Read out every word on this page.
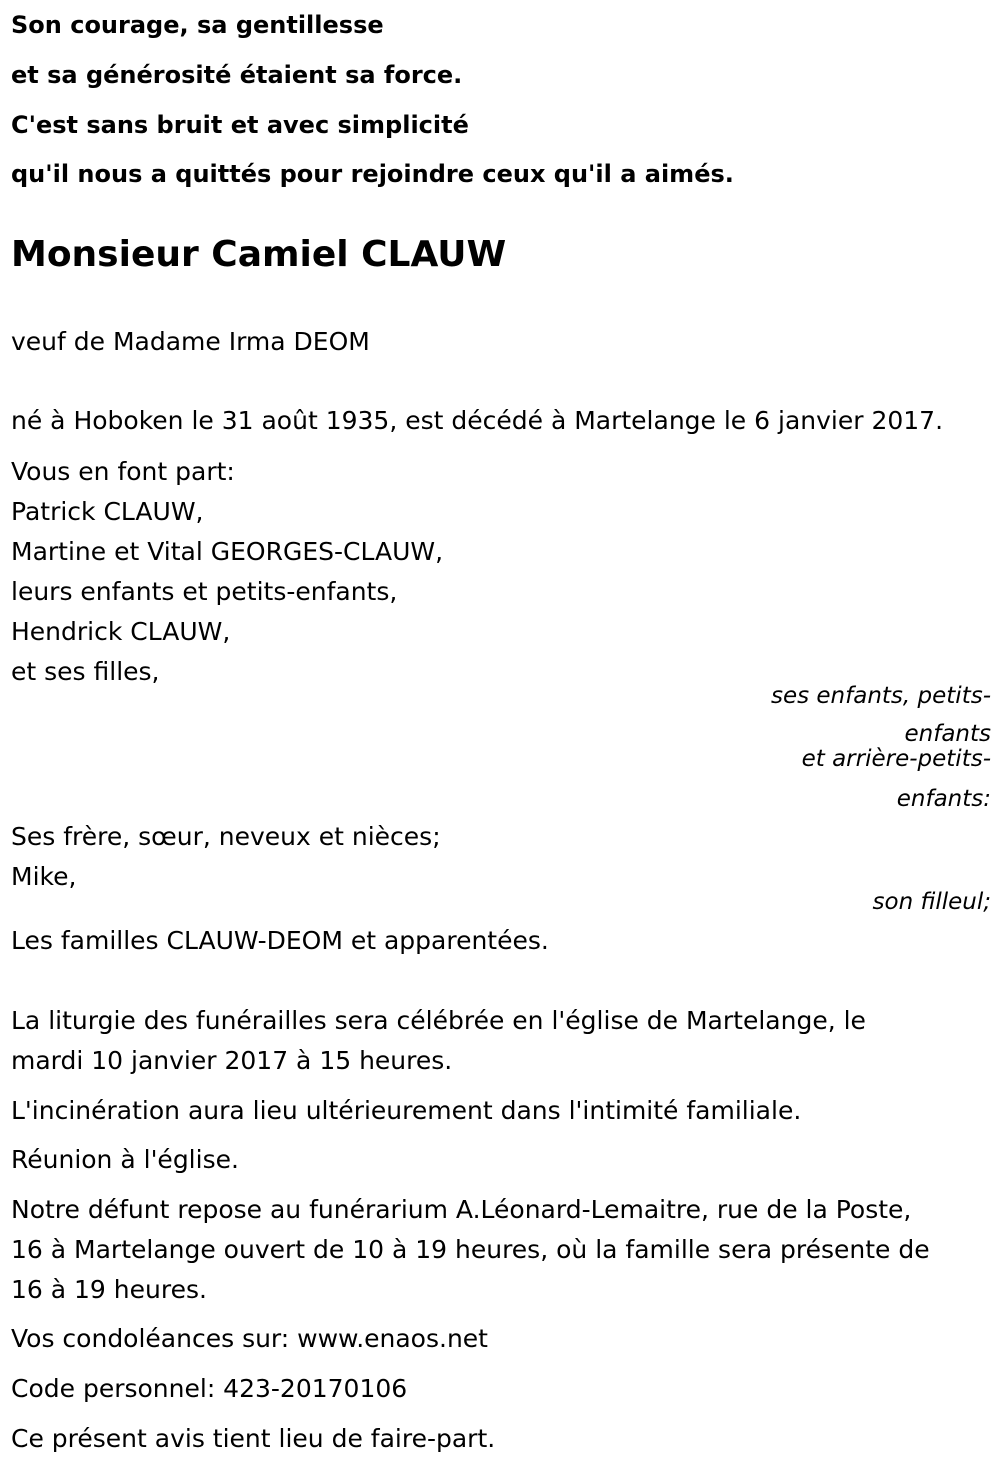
Son courage, sa gentillesse
et sa générosité étaient sa force.
C'est sans bruit et avec simplicité
qu'il nous a quittés pour rejoindre ceux qu'il a aimés.
Monsieur Camiel CLAUW
veuf de Madame Irma DEOM
né à Hoboken le 31 août 1935, est décédé à Martelange le 6 janvier 2017.
Vous en font part:
Patrick CLAUW,
Martine et Vital GEORGES-CLAUW,
leurs enfants et petits-enfants,
Hendrick CLAUW,
et ses filles,
ses enfants, petits-
enfants
et arrière-petits-
enfants:
Ses frère, sœur, neveux et nièces;
Mike,
son filleul;
Les familles CLAUW-DEOM et apparentées.
La liturgie des funérailles sera célébrée en l'église de Martelange, le
mardi 10 janvier 2017 à 15 heures.
L'incinération aura lieu ultérieurement dans l'intimité familiale.
Réunion à l'église.
Notre défunt repose au funérarium A.Léonard-Lemaitre, rue de la Poste,
16 à Martelange ouvert de 10 à 19 heures, où la famille sera présente de
16 à 19 heures.
Vos condoléances sur: www.enaos.net
Code personnel: 423-20170106
Ce présent avis tient lieu de faire-part.
